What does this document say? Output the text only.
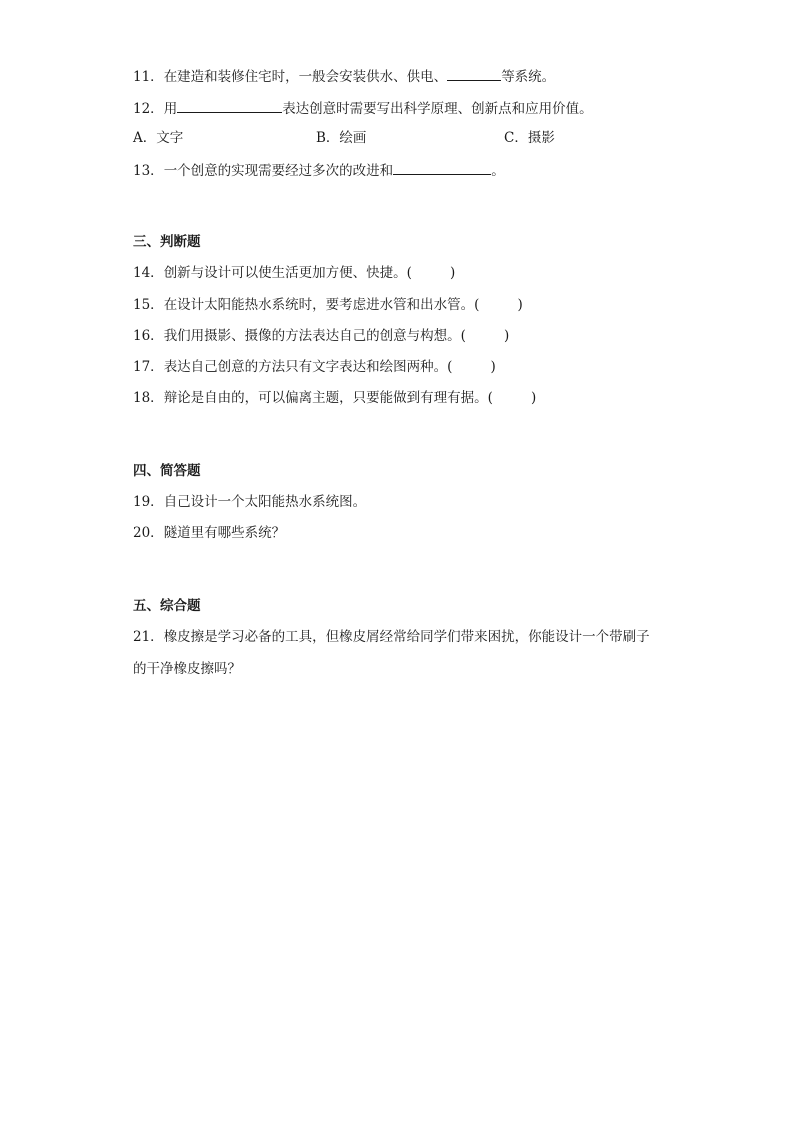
11．在建造和装修住宅时，一般会安装供水、供电、	等系统。
12．用	表达创意时需要写出科学原理、创新点和应用价值。
A．文字	B．绘画	C．摄影
13．一个创意的实现需要经过多次的改进和	。
三、判断题
14．创新与设计可以使生活更加方便、快捷。(	)
15．在设计太阳能热水系统时，要考虑进水管和出水管。(	)
16．我们用摄影、摄像的方法表达自己的创意与构想。(	)
17．表达自己创意的方法只有文字表达和绘图两种。(	)
18．辩论是自由的，可以偏离主题，只要能做到有理有据。(	)
四、简答题
19．自己设计一个太阳能热水系统图。
20．隧道里有哪些系统？
五、综合题
21．橡皮擦是学习必备的工具，但橡皮屑经常给同学们带来困扰，你能设计一个带刷子
的干净橡皮擦吗？
